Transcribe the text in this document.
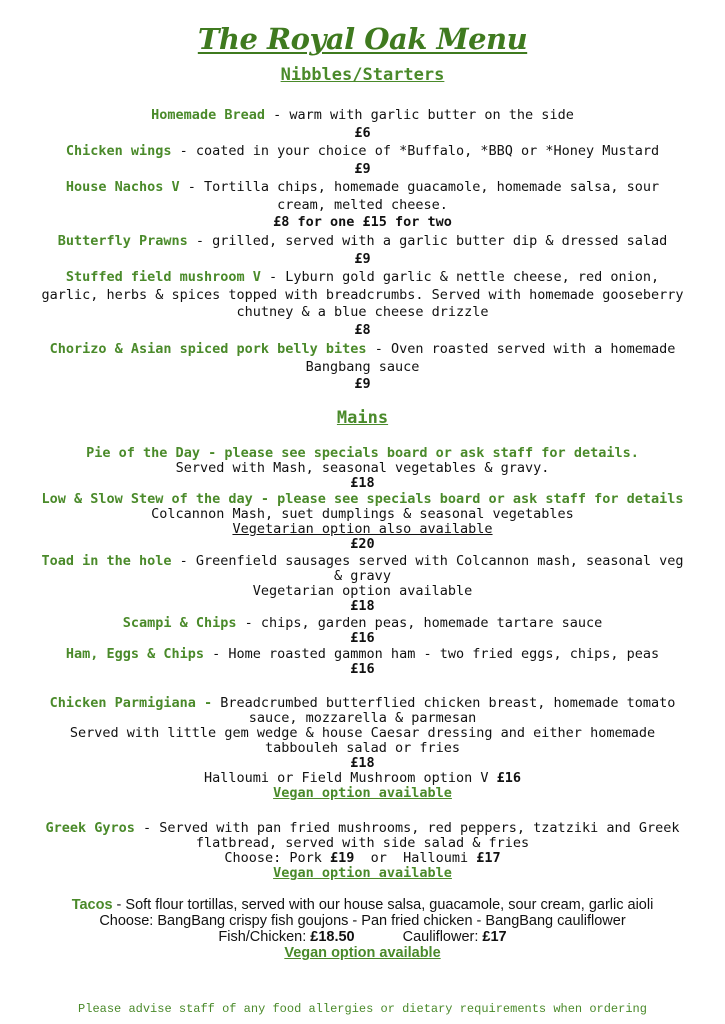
The Royal Oak Menu
Nibbles/Starters
Homemade Bread - warm with garlic butter on the side
£6
Chicken wings - coated in your choice of *Buffalo, *BBQ or *Honey Mustard
£9
House Nachos V - Tortilla chips, homemade guacamole, homemade salsa, sour cream, melted cheese.
£8 for one £15 for two
Butterfly Prawns - grilled, served with a garlic butter dip & dressed salad
£9
Stuffed field mushroom V - Lyburn gold garlic & nettle cheese, red onion, garlic, herbs & spices topped with breadcrumbs. Served with homemade gooseberry chutney & a blue cheese drizzle
£8
Chorizo & Asian spiced pork belly bites - Oven roasted served with a homemade Bangbang sauce
£9
Mains
Pie of the Day - please see specials board or ask staff for details.
Served with Mash, seasonal vegetables & gravy.
£18
Low & Slow Stew of the day - please see specials board or ask staff for details
Colcannon Mash, suet dumplings & seasonal vegetables
Vegetarian option also available
£20
Toad in the hole - Greenfield sausages served with Colcannon mash, seasonal veg & gravy
Vegetarian option available
£18
Scampi & Chips - chips, garden peas, homemade tartare sauce
£16
Ham, Eggs & Chips - Home roasted gammon ham - two fried eggs, chips, peas
£16
Chicken Parmigiana - Breadcrumbed butterflied chicken breast, homemade tomato sauce, mozzarella & parmesan
Served with little gem wedge & house Caesar dressing and either homemade tabbouleh salad or fries
£18
Halloumi or Field Mushroom option V £16
Vegan option available
Greek Gyros - Served with pan fried mushrooms, red peppers, tzatziki and Greek flatbread, served with side salad & fries
Choose: Pork £19  or  Halloumi £17
Vegan option available
Tacos - Soft flour tortillas, served with our house salsa, guacamole, sour cream, garlic aioli
Choose: BangBang crispy fish goujons - Pan fried chicken - BangBang cauliflower
Fish/Chicken: £18.50	Cauliflower: £17
Vegan option available
Please advise staff of any food allergies or dietary requirements when ordering
